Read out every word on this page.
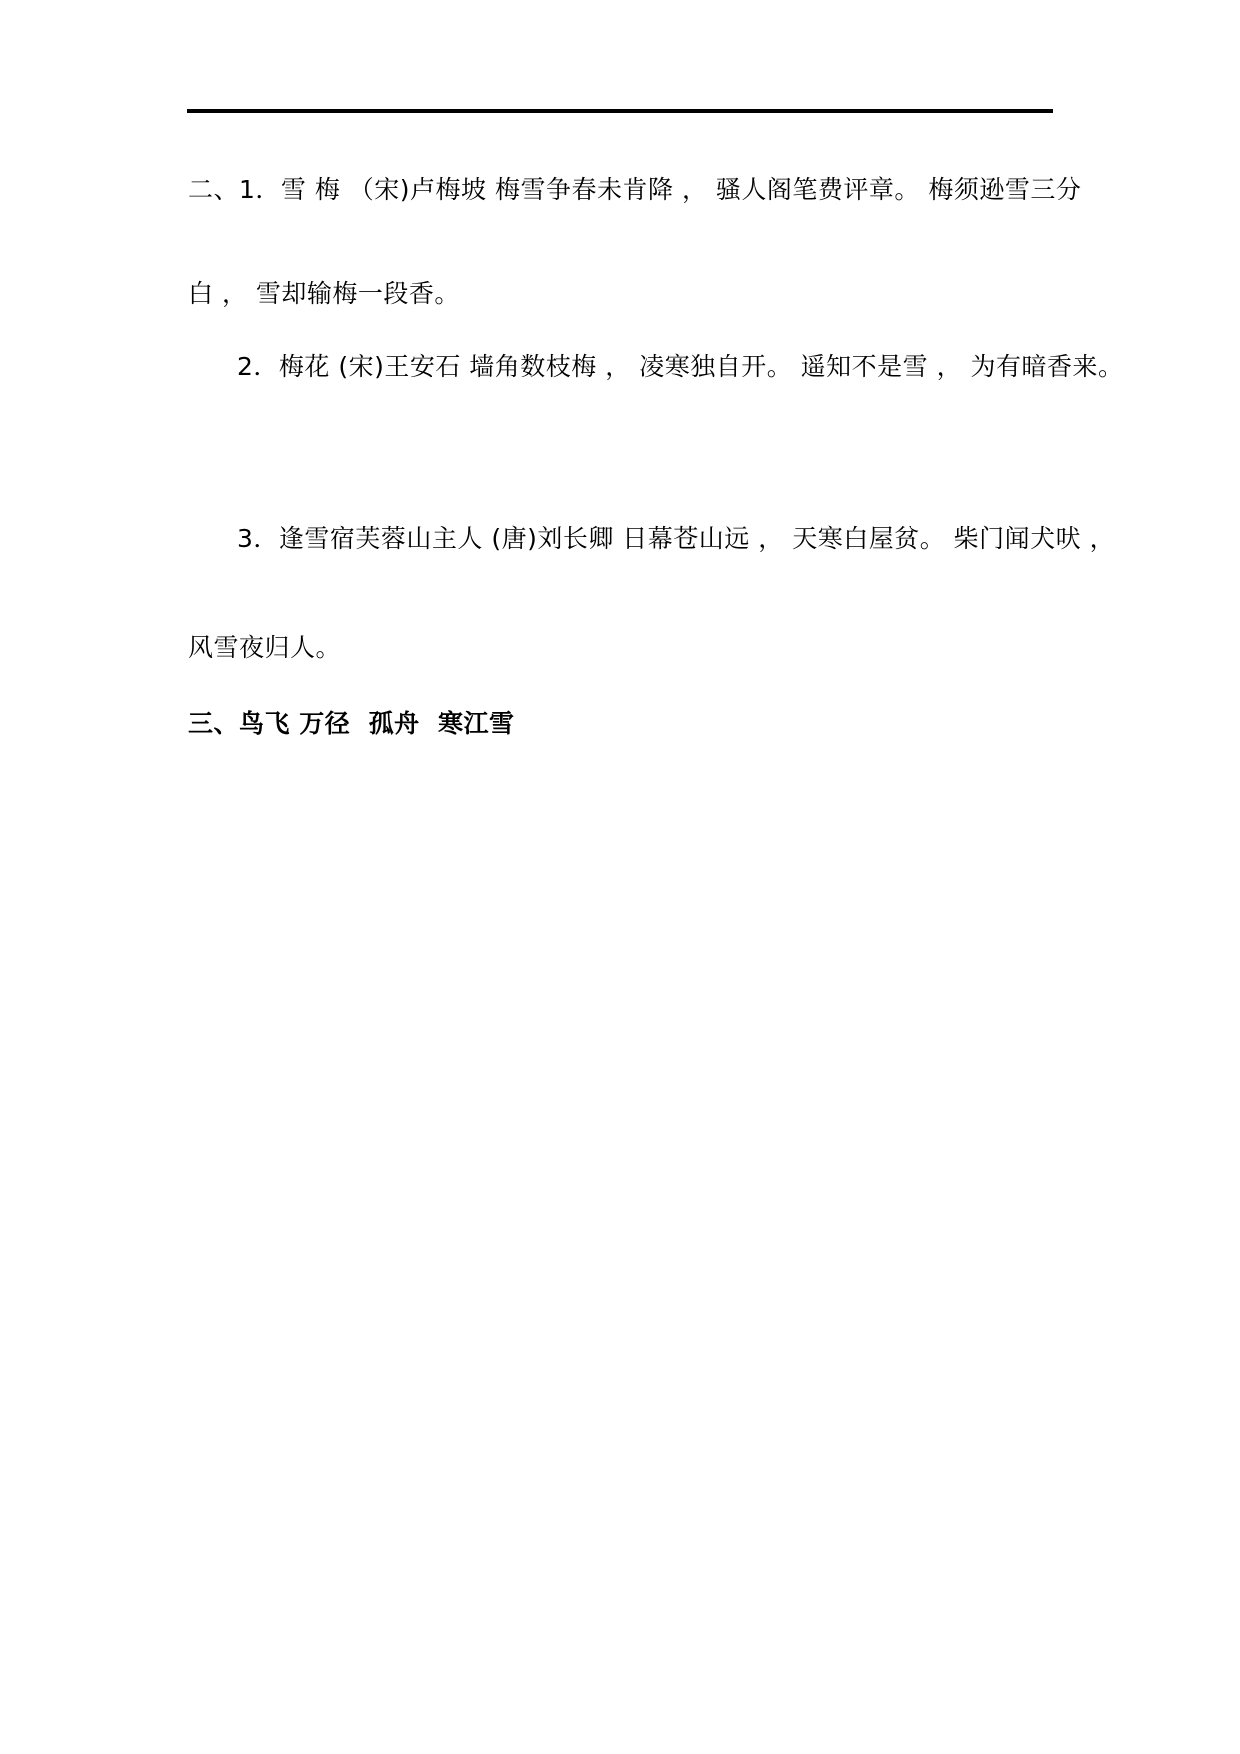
二、1．雪 梅 （宋)卢梅坡 梅雪争春未肯降 ， 骚人阁笔费评章。 梅须逊雪三分
白 ， 雪却输梅一段香。
2．梅花 (宋)王安石 墙角数枝梅 ， 凌寒独自开。 遥知不是雪 ， 为有暗香来。
3．逢雪宿芙蓉山主人 (唐)刘长卿 日幕苍山远 ， 天寒白屋贫。 柴门闻犬吠 ，
风雪夜归人。
三、鸟飞 万径  孤舟  寒江雪
